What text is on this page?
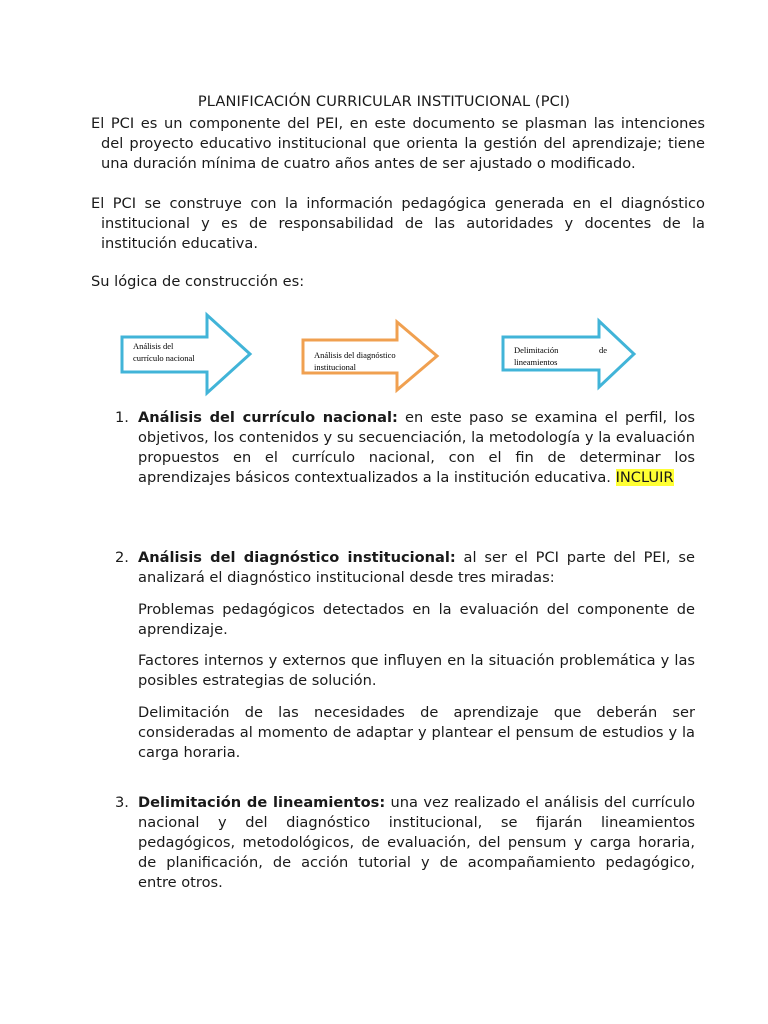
PLANIFICACIÓN CURRICULAR INSTITUCIONAL (PCI)
El PCI es un componente del PEI, en este documento se plasman las intenciones del proyecto educativo institucional que orienta la gestión del aprendizaje; tiene una duración mínima de cuatro años antes de ser ajustado o modificado.
El PCI se construye con la información pedagógica generada en el diagnóstico institucional y es de responsabilidad de las autoridades y docentes de la institución educativa.
Su lógica de construcción es:
Análisis del
currículo nacional	Análisis del diagnóstico
institucional
Delimitación	de
lineamientos
1. Análisis del currículo nacional: en este paso se examina el perfil, los objetivos, los contenidos y su secuenciación, la metodología y la evaluación propuestos en el currículo nacional, con el fin de determinar los aprendizajes básicos contextualizados a la institución educativa. INCLUIR
2. Análisis del diagnóstico institucional: al ser el PCI parte del PEI, se analizará el diagnóstico institucional desde tres miradas:
Problemas pedagógicos detectados en la evaluación del componente de aprendizaje.
Factores internos y externos que influyen en la situación problemática y las posibles estrategias de solución.
Delimitación de las necesidades de aprendizaje que deberán ser consideradas al momento de adaptar y plantear el pensum de estudios y la carga horaria.
3. Delimitación de lineamientos: una vez realizado el análisis del currículo nacional y del diagnóstico institucional, se fijarán lineamientos pedagógicos, metodológicos, de evaluación, del pensum y carga horaria, de planificación, de acción tutorial y de acompañamiento pedagógico, entre otros.
